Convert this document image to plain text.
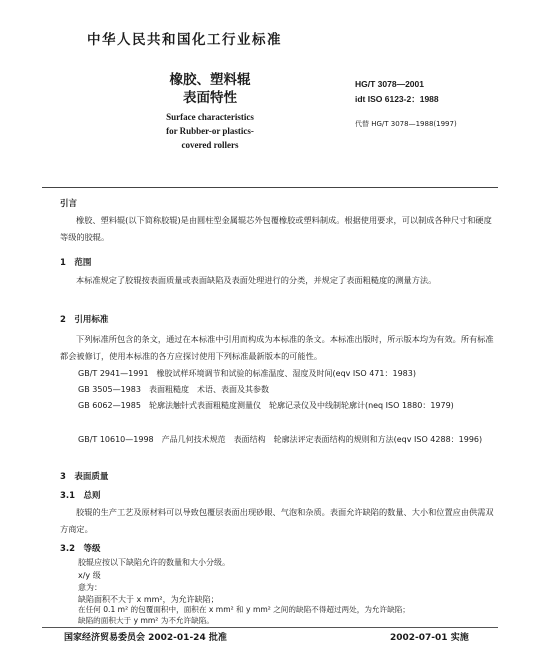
中华人民共和国化工行业标准
橡胶、塑料辊
表面特性
Surface characteristics
for Rubber-or plastics-
covered rollers
HG/T 3078—2001
idt ISO 6123-2：1988
代替 HG/T 3078—1988(1997)
引言
橡胶、塑料辊(以下简称胶辊)是由圆柱型金属辊芯外包覆橡胶或塑料制成。根据使用要求，可以制成各种尺寸和硬度等级的胶辊。
1　范围
本标准规定了胶辊按表面质量或表面缺陷及表面处理进行的分类，并规定了表面粗糙度的测量方法。
2　引用标准
下列标准所包含的条文，通过在本标准中引用而构成为本标准的条文。本标准出版时，所示版本均为有效。所有标准都会被修订，使用本标准的各方应探讨使用下列标准最新版本的可能性。
GB/T 2941—1991　橡胶试样环境调节和试验的标准温度、湿度及时间(eqv ISO 471：1983)
GB 3505—1983　表面粗糙度　术语、表面及其参数
GB 6062—1985　轮廓法触针式表面粗糙度测量仪　轮廓记录仪及中线制轮廓计(neq ISO 1880：1979)
GB/T 10610—1998　产品几何技术规范　表面结构　轮廓法评定表面结构的规则和方法(eqv ISO 4288：1996)
3　表面质量
3.1　总则
胶辊的生产工艺及原材料可以导致包覆层表面出现砂眼、气泡和杂质。表面允许缺陷的数量、大小和位置应由供需双方商定。
3.2　等级
胶辊应按以下缺陷允许的数量和大小分级。
x/y 级
意为：
缺陷面积不大于 x mm²，为允许缺陷；
在任何 0.1 m² 的包覆面积中，面积在 x mm² 和 y mm² 之间的缺陷不得超过两处，为允许缺陷；
缺陷的面积大于 y mm² 为不允许缺陷。
国家经济贸易委员会 2002-01-24 批准	2002-07-01 实施
